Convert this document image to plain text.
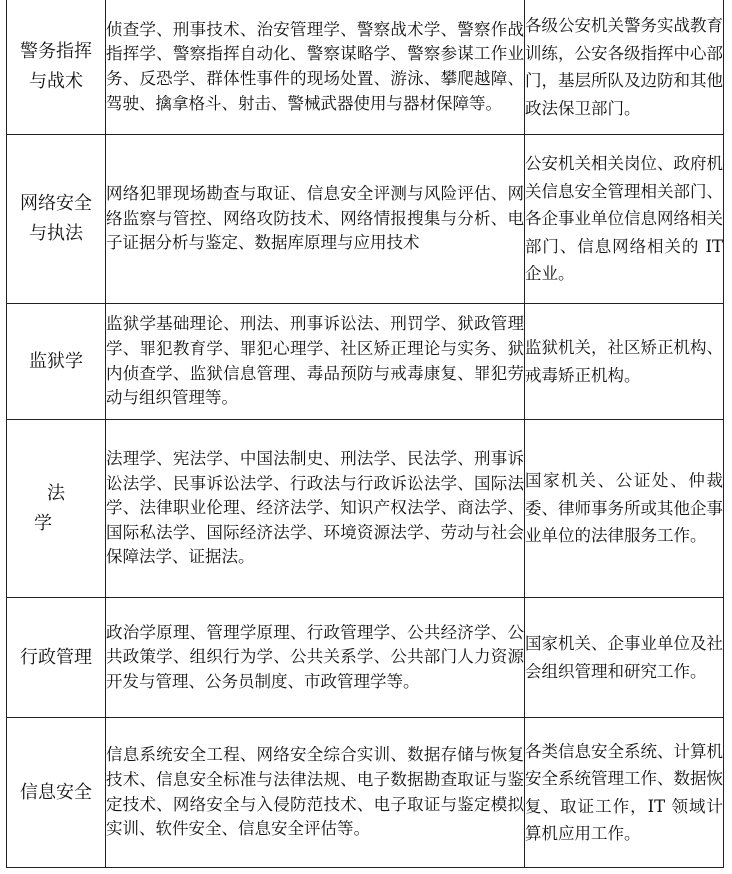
警务指挥与战术	侦查学、刑事技术、治安管理学、警察战术学、警察作战指挥学、警察指挥自动化、警察谋略学、警察参谋工作业务、反恐学、群体性事件的现场处置、游泳、攀爬越障、驾驶、擒拿格斗、射击、警械武器使用与器材保障等。	各级公安机关警务实战教育训练，公安各级指挥中心部门，基层所队及边防和其他政法保卫部门。
网络安全与执法	网络犯罪现场勘查与取证、信息安全评测与风险评估、网络监察与管控、网络攻防技术、网络情报搜集与分析、电子证据分析与鉴定、数据库原理与应用技术	公安机关相关岗位、政府机关信息安全管理相关部门、各企事业单位信息网络相关部门、信息网络相关的 IT 企业。
监狱学	监狱学基础理论、刑法、刑事诉讼法、刑罚学、狱政管理学、罪犯教育学、罪犯心理学、社区矫正理论与实务、狱内侦查学、监狱信息管理、毒品预防与戒毒康复、罪犯劳动与组织管理等。	监狱机关，社区矫正机构、戒毒矫正机构。
法学	法理学、宪法学、中国法制史、刑法学、民法学、刑事诉讼法学、民事诉讼法学、行政法与行政诉讼法学、国际法学、法律职业伦理、经济法学、知识产权法学、商法学、国际私法学、国际经济法学、环境资源法学、劳动与社会保障法学、证据法。	国家机关、公证处、仲裁委、律师事务所或其他企事业单位的法律服务工作。
行政管理	政治学原理、管理学原理、行政管理学、公共经济学、公共政策学、组织行为学、公共关系学、公共部门人力资源开发与管理、公务员制度、市政管理学等。	国家机关、企事业单位及社会组织管理和研究工作。
信息安全	信息系统安全工程、网络安全综合实训、数据存储与恢复技术、信息安全标准与法律法规、电子数据勘查取证与鉴定技术、网络安全与入侵防范技术、电子取证与鉴定模拟实训、软件安全、信息安全评估等。	各类信息安全系统、计算机安全系统管理工作、数据恢复、取证工作，IT 领域计算机应用工作。
